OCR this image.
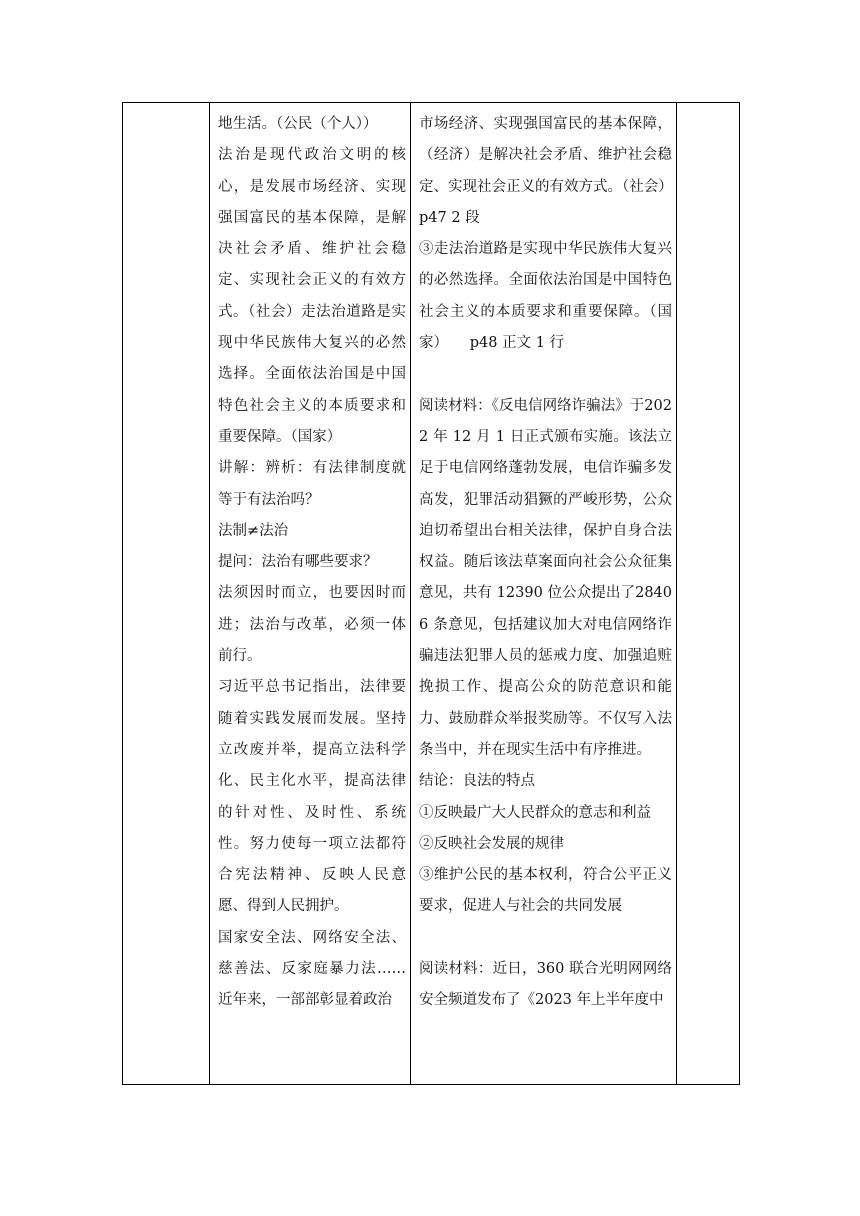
地生活。（公民（个人））

法治是现代政治文明的核心，是发展市场经济、实现强国富民的基本保障，是解决社会矛盾、维护社会稳定、实现社会正义的有效方式。（社会）走法治道路是实现中华民族伟大复兴的必然选择。全面依法治国是中国特色社会主义的本质要求和重要保障。（国家）

讲解：辨析：有法律制度就等于有法治吗？

法制≠法治

提问：法治有哪些要求？

法须因时而立，也要因时而进；法治与改革，必须一体前行。

习近平总书记指出，法律要随着实践发展而发展。坚持立改废并举，提高立法科学化、民主化水平，提高法律的针对性、及时性、系统性。努力使每一项立法都符合宪法精神、反映人民意愿、得到人民拥护。

国家安全法、网络安全法、慈善法、反家庭暴力法……近年来，一部部彰显着政治

市场经济、实现强国富民的基本保障，（经济）是解决社会矛盾、维护社会稳定、实现社会正义的有效方式。（社会）

p47 2 段

③走法治道路是实现中华民族伟大复兴的必然选择。全面依法治国是中国特色社会主义的本质要求和重要保障。（国家）　　p48 正文 1 行

阅读材料：《反电信网络诈骗法》于2022 年 12 月 1 日正式颁布实施。该法立足于电信网络蓬勃发展，电信诈骗多发高发，犯罪活动猖獗的严峻形势，公众迫切希望出台相关法律，保护自身合法权益。随后该法草案面向社会公众征集意见，共有 12390 位公众提出了28406 条意见，包括建议加大对电信网络诈骗违法犯罪人员的惩戒力度、加强追赃挽损工作、提高公众的防范意识和能力、鼓励群众举报奖励等。不仅写入法条当中，并在现实生活中有序推进。

结论：良法的特点

①反映最广大人民群众的意志和利益

②反映社会发展的规律

③维护公民的基本权利，符合公平正义要求，促进人与社会的共同发展

阅读材料：近日，360 联合光明网网络安全频道发布了《2023 年上半年度中
